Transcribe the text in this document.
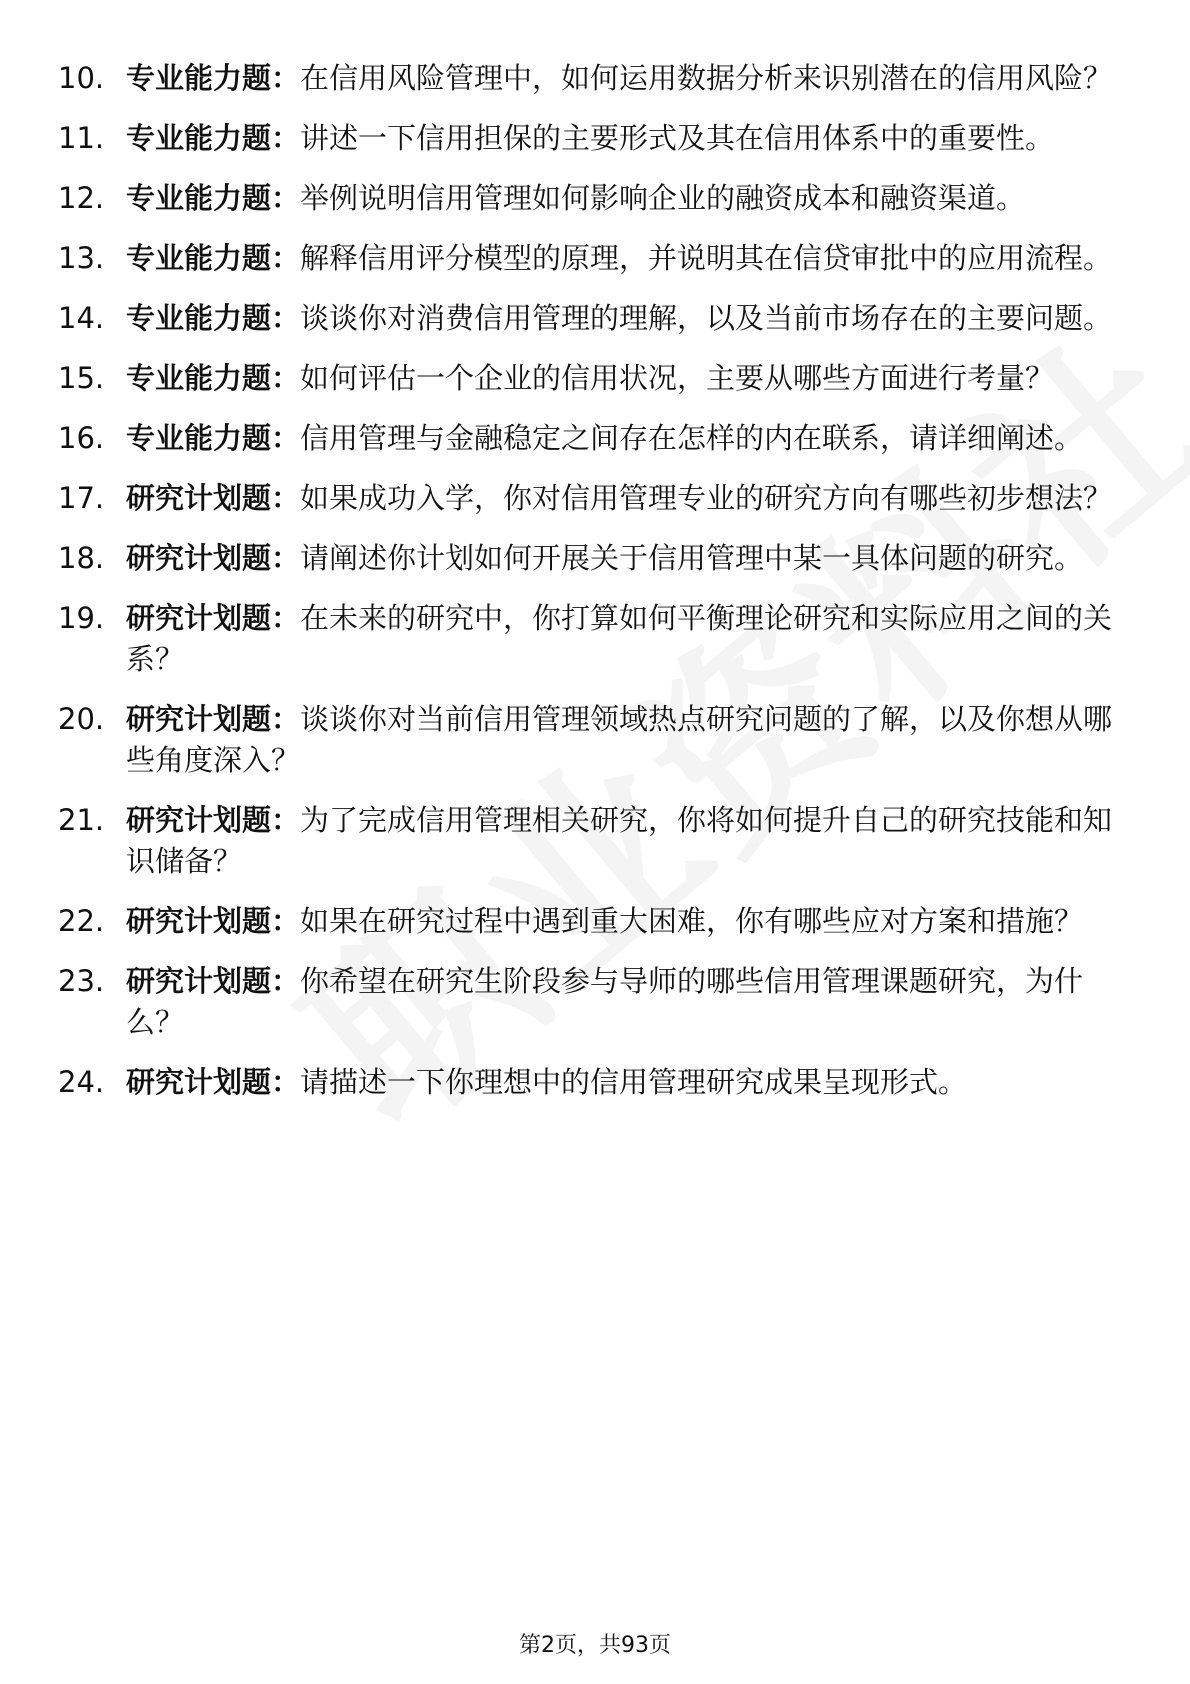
10. 专业能力题：在信用风险管理中，如何运用数据分析来识别潜在的信用风险？
11. 专业能力题：讲述一下信用担保的主要形式及其在信用体系中的重要性。
12. 专业能力题：举例说明信用管理如何影响企业的融资成本和融资渠道。
13. 专业能力题：解释信用评分模型的原理，并说明其在信贷审批中的应用流程。
14. 专业能力题：谈谈你对消费信用管理的理解，以及当前市场存在的主要问题。
15. 专业能力题：如何评估一个企业的信用状况，主要从哪些方面进行考量？
16. 专业能力题：信用管理与金融稳定之间存在怎样的内在联系，请详细阐述。
17. 研究计划题：如果成功入学，你对信用管理专业的研究方向有哪些初步想法？
18. 研究计划题：请阐述你计划如何开展关于信用管理中某一具体问题的研究。
19. 研究计划题：在未来的研究中，你打算如何平衡理论研究和实际应用之间的关系？
20. 研究计划题：谈谈你对当前信用管理领域热点研究问题的了解，以及你想从哪些角度深入？
21. 研究计划题：为了完成信用管理相关研究，你将如何提升自己的研究技能和知识储备？
22. 研究计划题：如果在研究过程中遇到重大困难，你有哪些应对方案和措施？
23. 研究计划题：你希望在研究生阶段参与导师的哪些信用管理课题研究，为什么？
24. 研究计划题：请描述一下你理想中的信用管理研究成果呈现形式。
第2页，共93页
